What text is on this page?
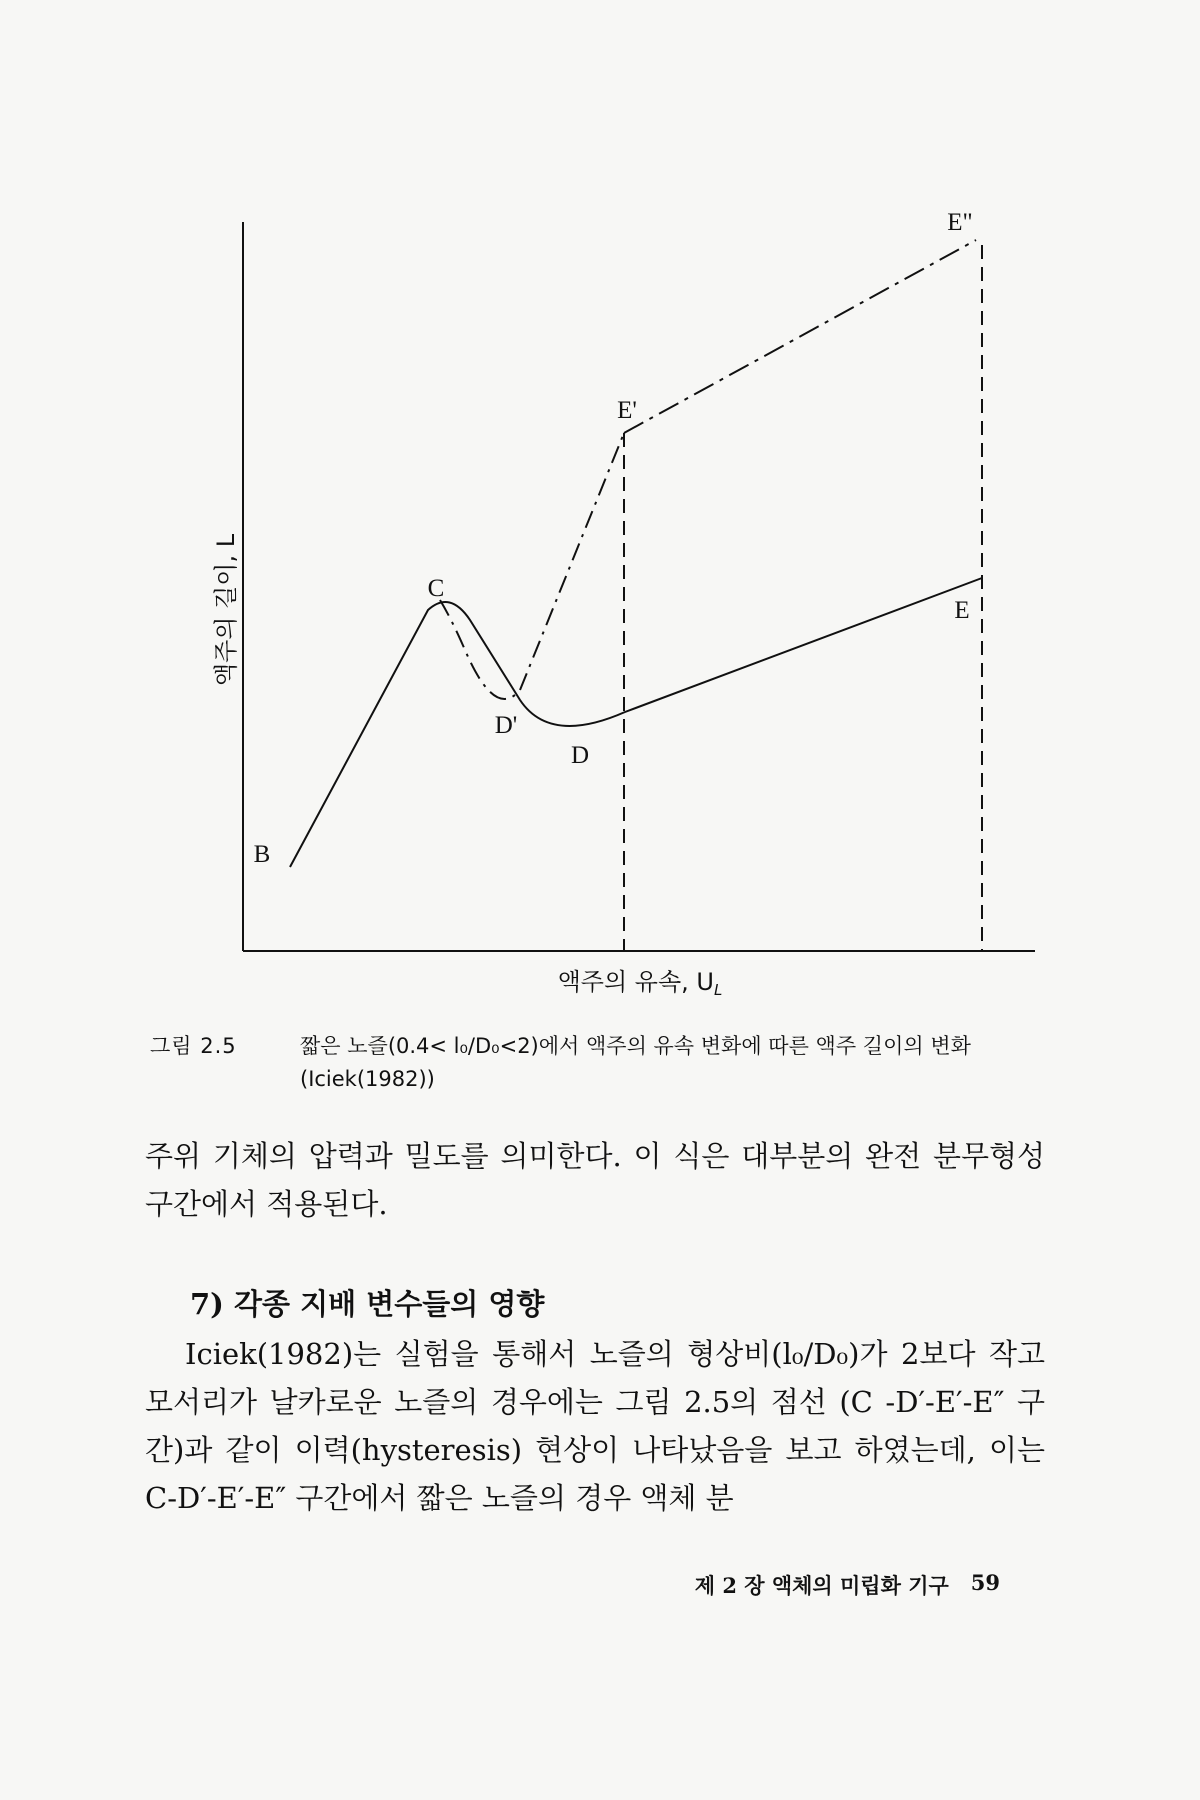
B
C
D'
D
E'
E
E"
액주의 길이, L
액주의 유속, $U_L$
그림 2.5	짧은 노즐(0.4< l₀/D₀<2)에서 액주의 유속 변화에 따른 액주 길이의 변화(Iciek(1982))
주위 기체의 압력과 밀도를 의미한다. 이 식은 대부분의 완전 분무형성 구간에서 적용된다.
7) 각종 지배 변수들의 영향
Iciek(1982)는 실험을 통해서 노즐의 형상비(l₀/D₀)가 2보다 작고 모서리가 날카로운 노즐의 경우에는 그림 2.5의 점선 (C -D′-E′-E″ 구간)과 같이 이력(hysteresis) 현상이 나타났음을 보고 하였는데, 이는 C-D′-E′-E″ 구간에서 짧은 노즐의 경우 액체 분
제 2 장 액체의 미립화 기구 59
